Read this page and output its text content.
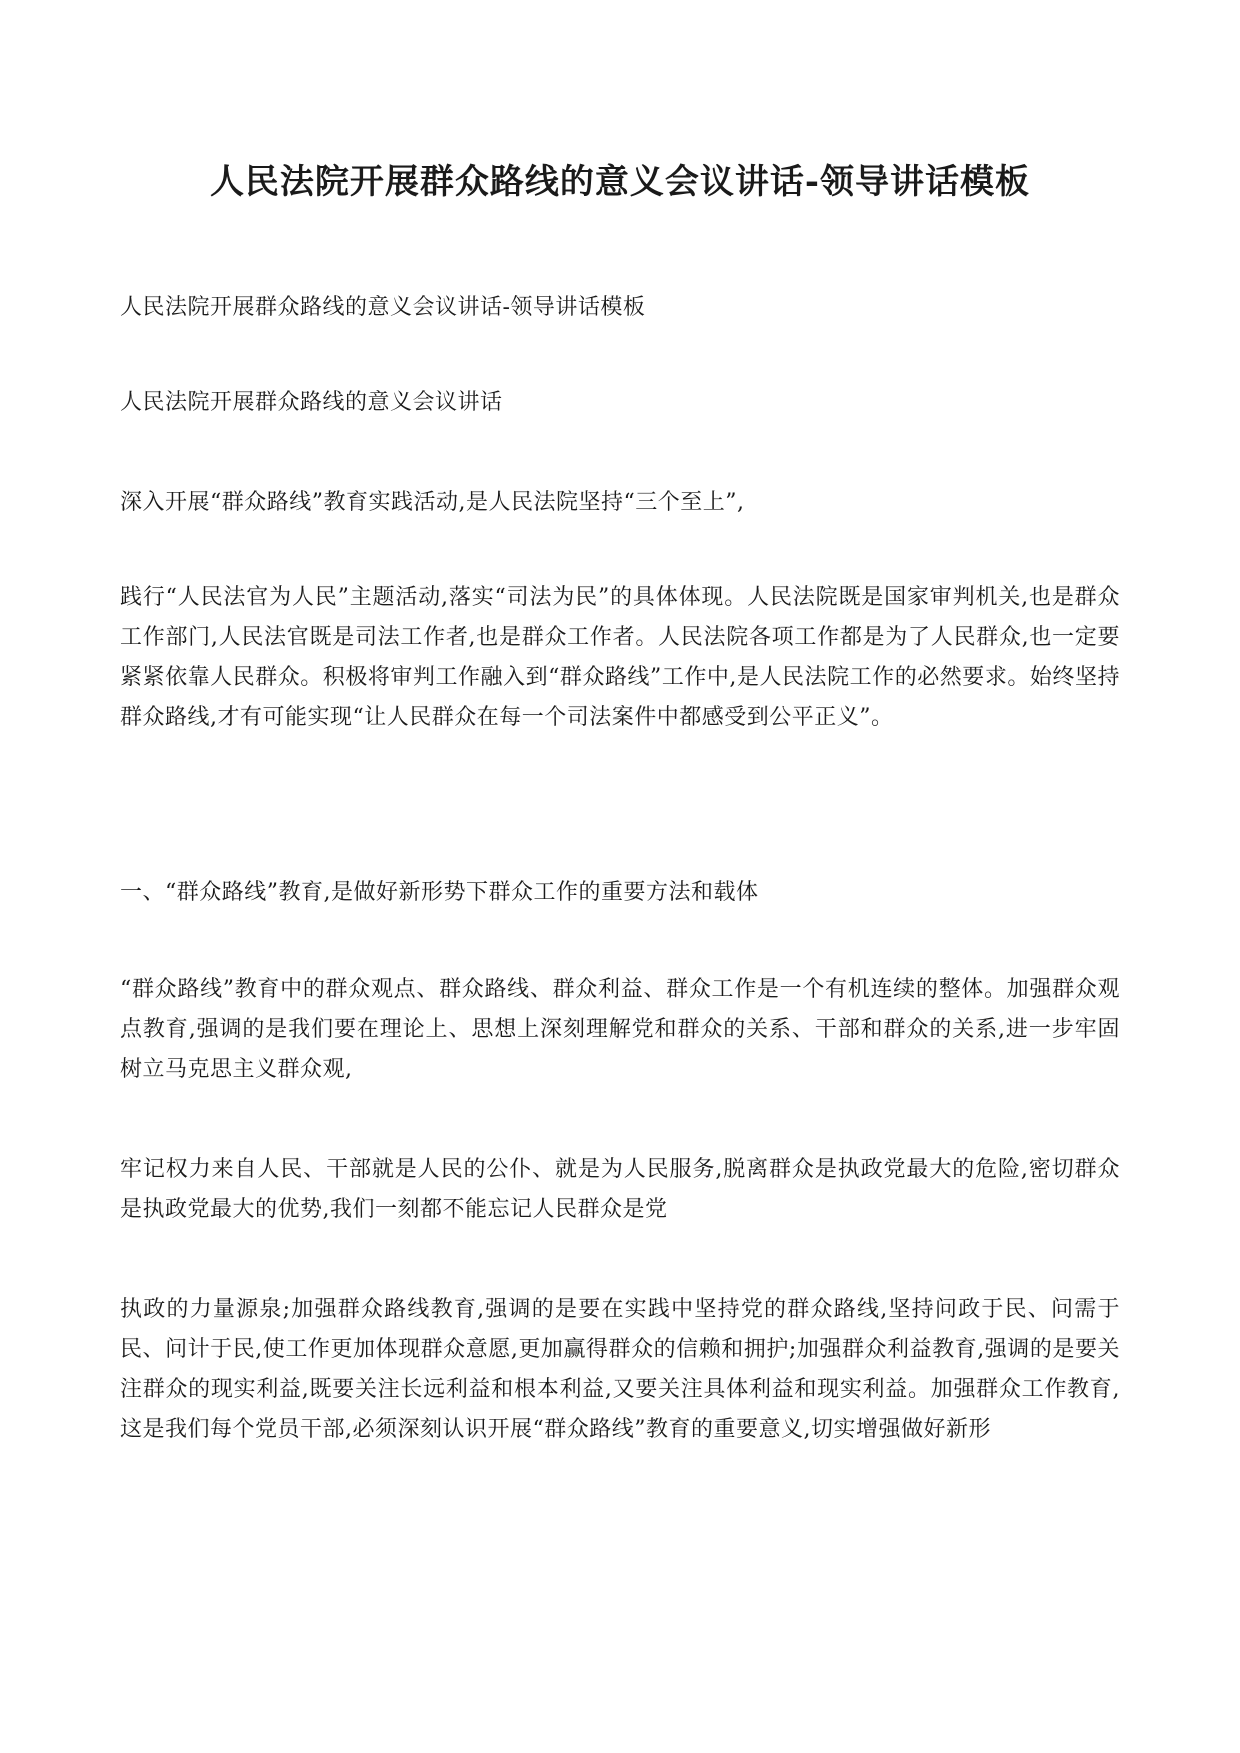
人民法院开展群众路线的意义会议讲话-领导讲话模板

人民法院开展群众路线的意义会议讲话-领导讲话模板

人民法院开展群众路线的意义会议讲话

深入开展“群众路线”教育实践活动,是人民法院坚持“三个至上”,

践行“人民法官为人民”主题活动,落实“司法为民”的具体体现。人民法院既是国家审判机关,也是群众工作部门,人民法官既是司法工作者,也是群众工作者。人民法院各项工作都是为了人民群众,也一定要紧紧依靠人民群众。积极将审判工作融入到“群众路线”工作中,是人民法院工作的必然要求。始终坚持群众路线,才有可能实现“让人民群众在每一个司法案件中都感受到公平正义”。

一、“群众路线”教育,是做好新形势下群众工作的重要方法和载体

“群众路线”教育中的群众观点、群众路线、群众利益、群众工作是一个有机连续的整体。加强群众观点教育,强调的是我们要在理论上、思想上深刻理解党和群众的关系、干部和群众的关系,进一步牢固树立马克思主义群众观,

牢记权力来自人民、干部就是人民的公仆、就是为人民服务,脱离群众是执政党最大的危险,密切群众是执政党最大的优势,我们一刻都不能忘记人民群众是党

执政的力量源泉;加强群众路线教育,强调的是要在实践中坚持党的群众路线,坚持问政于民、问需于民、问计于民,使工作更加体现群众意愿,更加赢得群众的信赖和拥护;加强群众利益教育,强调的是要关注群众的现实利益,既要关注长远利益和根本利益,又要关注具体利益和现实利益。加强群众工作教育,这是我们每个党员干部,必须深刻认识开展“群众路线”教育的重要意义,切实增强做好新形
